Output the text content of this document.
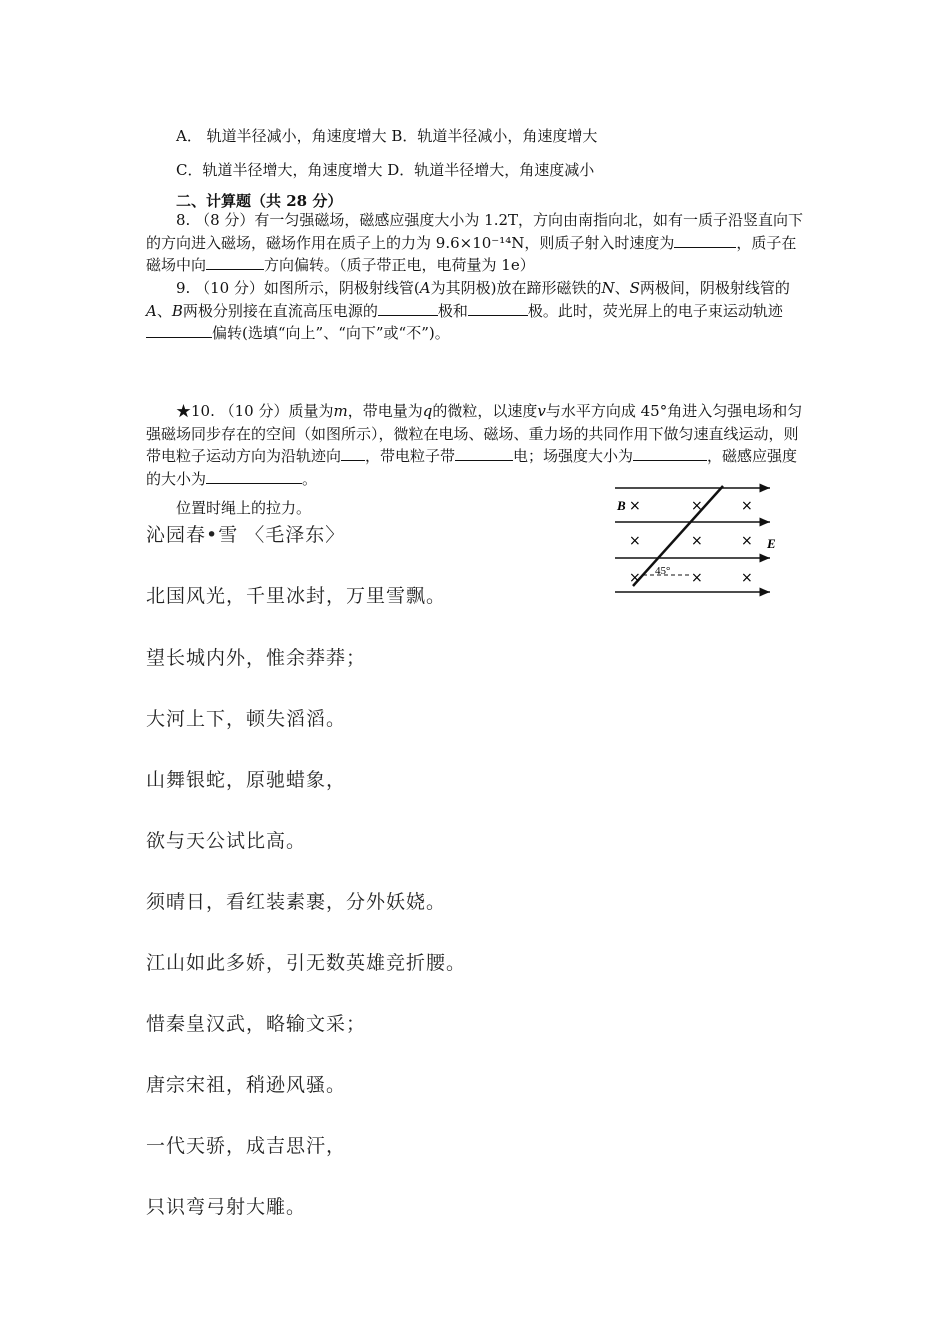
A． 轨道半径减小，角速度增大 B．轨道半径减小，角速度增大
C．轨道半径增大，角速度增大 D．轨道半径增大，角速度减小
二、计算题（共 28 分）

8. （8 分）有一匀强磁场，磁感应强度大小为 1.2T，方向由南指向北，如有一质子沿竖直向下的方向进入磁场，磁场作用在质子上的力为 9.6×10⁻¹⁴N，则质子射入时速度为	，质子在磁场中向	方向偏转。（质子带正电，电荷量为 1e）

9. （10 分）如图所示，阴极射线管(A为其阴极)放在蹄形磁铁的N、S两极间，阴极射线管的A、B两极分别接在直流高压电源的	极和	极。此时，荧光屏上的电子束运动轨迹偏转(选填“向上”、“向下”或“不”)。

★10. （10 分）质量为m，带电量为q的微粒，以速度v与水平方向成 45°角进入匀强电场和匀强磁场同步存在的空间（如图所示），微粒在电场、磁场、重力场的共同作用下做匀速直线运动，则带电粒子运动方向为沿轨迹向 ，带电粒子带	电；场强度大小为	，磁感应强度的大小为	。

位置时绳上的拉力。	B ×	×	×
×	×	×
×	×	×
E
45°
沁园春•雪 〈毛泽东〉
北国风光，千里冰封，万里雪飘。
望长城内外，惟余莽莽；
大河上下，顿失滔滔。
山舞银蛇，原驰蜡象，
欲与天公试比高。
须晴日，看红装素裹，分外妖娆。
江山如此多娇，引无数英雄竞折腰。
惜秦皇汉武，略输文采；
唐宗宋祖，稍逊风骚。
一代天骄，成吉思汗，
只识弯弓射大雕。
